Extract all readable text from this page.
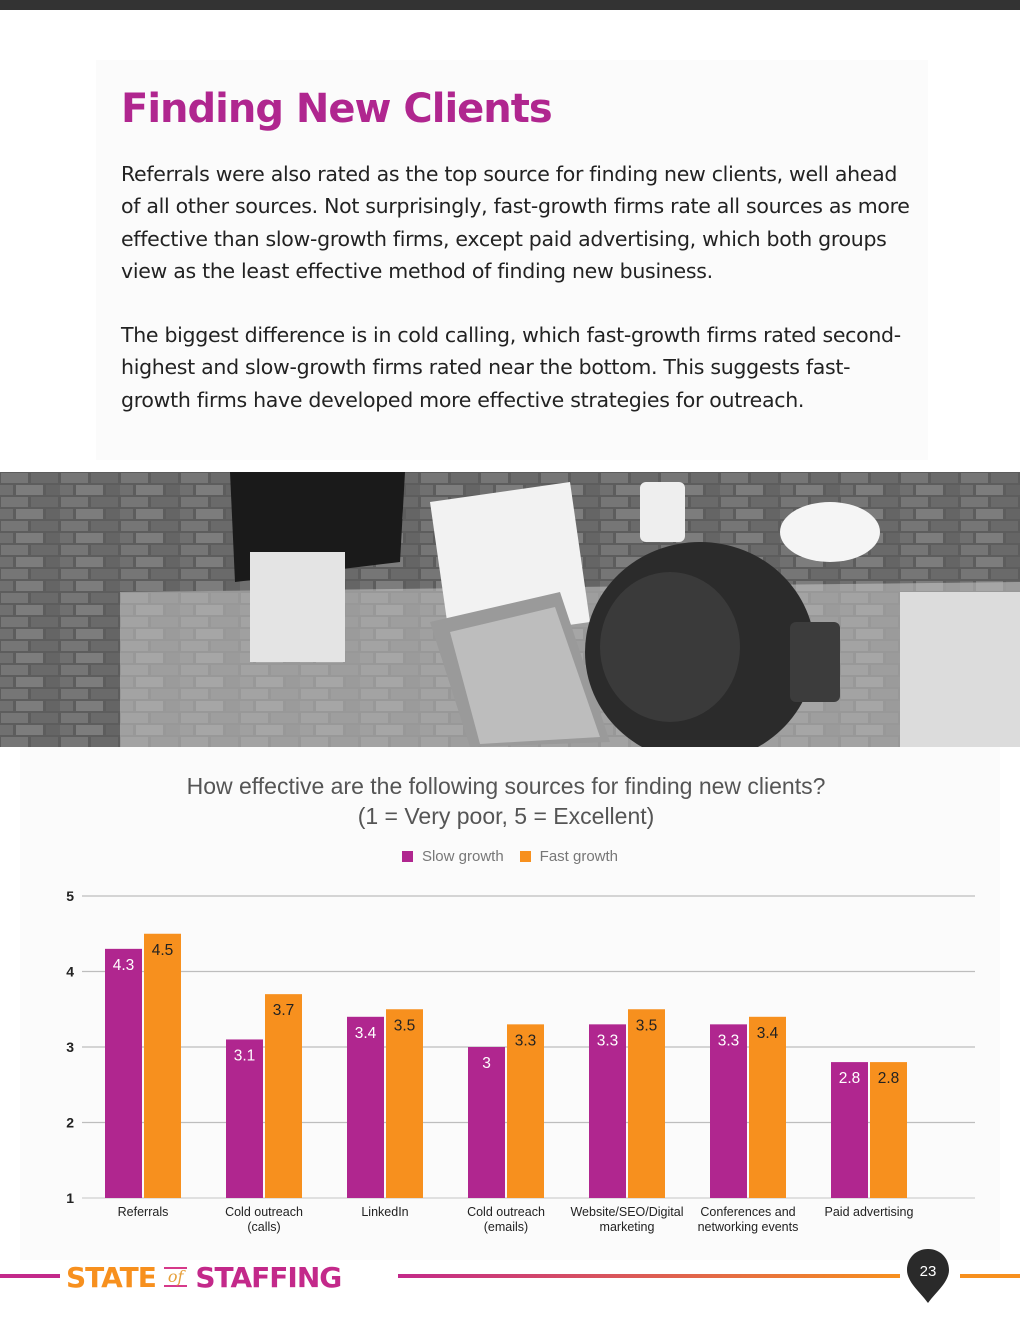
Finding New Clients

Referrals were also rated as the top source for finding new clients, well ahead of all other sources. Not surprisingly, fast-growth firms rate all sources as more effective than slow-growth firms, except paid advertising, which both groups view as the least effective method of finding new business.

The biggest difference is in cold calling, which fast-growth firms rated second- highest and slow-growth firms rated near the bottom. This suggests fast-growth firms have developed more effective strategies for outreach.

How effective are the following sources for finding new clients?
(1 = Very poor, 5 = Excellent)
Slow growth Fast growth
1
2
3
4
5
4.3
4.5
Referrals
3.1
3.7
Cold outreach
(calls)
3.4 3.5
LinkedIn
3
3.3
Cold outreach
(emails)
3.3
3.5
Website/SEO/Digital
marketing
3.3 3.4
Conferences and
networking events
2.8 2.8
Paid advertising
STATE of STAFFING	23
